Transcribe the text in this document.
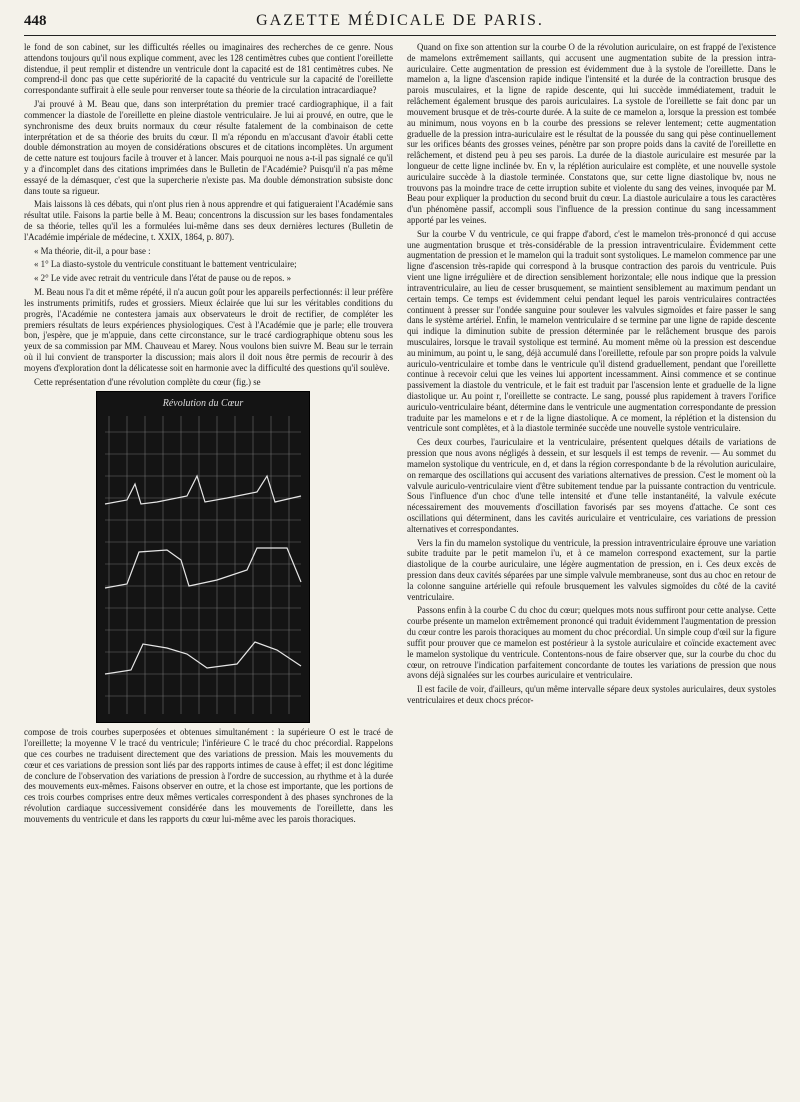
448	GAZETTE MÉDICALE DE PARIS.

le fond de son cabinet, sur les difficultés réelles ou imaginaires des recherches de ce genre. Nous attendons toujours qu'il nous explique comment, avec les 128 centimètres cubes que contient l'oreillette distendue, il peut remplir et distendre un ventricule dont la capacité est de 181 centimètres cubes. Ne comprend-il donc pas que cette supériorité de la capacité du ventricule sur la capacité de l'oreillette correspondante suffirait à elle seule pour renverser toute sa théorie de la circulation intracardiaque?

J'ai prouvé à M. Beau que, dans son interprétation du premier tracé cardiographique, il a fait commencer la diastole de l'oreillette en pleine diastole ventriculaire. Je lui ai prouvé, en outre, que le synchronisme des deux bruits normaux du cœur résulte fatalement de la combinaison de cette interprétation et de sa théorie des bruits du cœur. Il m'a répondu en m'accusant d'avoir établi cette double démonstration au moyen de considérations obscures et de citations incomplètes. Un argument de cette nature est toujours facile à trouver et à lancer. Mais pourquoi ne nous a-t-il pas signalé ce qu'il y a d'incomplet dans des citations imprimées dans le Bulletin de l'Académie? Puisqu'il n'a pas même essayé de la démasquer, c'est que la supercherie n'existe pas. Ma double démonstration subsiste donc dans toute sa rigueur.

Mais laissons là ces débats, qui n'ont plus rien à nous apprendre et qui fatigueraient l'Académie sans résultat utile. Faisons la partie belle à M. Beau; concentrons la discussion sur les bases fondamentales de sa théorie, telles qu'il les a formulées lui-même dans ses deux dernières lectures (Bulletin de l'Académie impériale de médecine, t. XXIX, 1864, p. 807).

« Ma théorie, dit-il, a pour base :

« 1° La diasto-systole du ventricule constituant le battement ventriculaire;

« 2° Le vide avec retrait du ventricule dans l'état de pause ou de repos. »

M. Beau nous l'a dit et même répété, il n'a aucun goût pour les appareils perfectionnés: il leur préfère les instruments primitifs, rudes et grossiers. Mieux éclairée que lui sur les véritables conditions du progrès, l'Académie ne contestera jamais aux observateurs le droit de rectifier, de compléter les premiers résultats de leurs expériences physiologiques. C'est à l'Académie que je parle; elle trouvera bon, j'espère, que je m'appuie, dans cette circonstance, sur le tracé cardiographique obtenu sous les yeux de sa commission par MM. Chauveau et Marey. Nous voulons bien suivre M. Beau sur le terrain où il lui convient de transporter la discussion; mais alors il doit nous être permis de recourir à des moyens d'exploration dont la délicatesse soit en harmonie avec la difficulté des questions qu'il soulève.

Cette représentation d'une révolution complète du cœur (fig.) se

Révolution du Cœur

compose de trois courbes superposées et obtenues simultanément : la supérieure O est le tracé de l'oreillette; la moyenne V le tracé du ventricule; l'inférieure C le tracé du choc précordial. Rappelons que ces courbes ne traduisent directement que des variations de pression. Mais les mouvements du cœur et ces variations de pression sont liés par des rapports intimes de cause à effet; il est donc légitime de conclure de l'observation des variations de pression à l'ordre de succession, au rhythme et à la durée des mouvements eux-mêmes. Faisons observer en outre, et la chose est importante, que les portions de ces trois courbes comprises entre deux mêmes verticales correspondent à des phases synchrones de la révolution cardiaque successivement considérée dans les mouvements de l'oreillette, dans les mouvements du ventricule et dans les rapports du cœur lui-même avec les parois thoraciques.

Quand on fixe son attention sur la courbe O de la révolution auriculaire, on est frappé de l'existence de mamelons extrêmement saillants, qui accusent une augmentation subite de la pression intra-auriculaire. Cette augmentation de pression est évidemment due à la systole de l'oreillette. Dans le mamelon a, la ligne d'ascension rapide indique l'intensité et la durée de la contraction brusque des parois musculaires, et la ligne de rapide descente, qui lui succède immédiatement, traduit le relâchement également brusque des parois auriculaires. La systole de l'oreillette se fait donc par un mouvement brusque et de très-courte durée. A la suite de ce mamelon a, lorsque la pression est tombée au minimum, nous voyons en b la courbe des pressions se relever lentement; cette augmentation graduelle de la pression intra-auriculaire est le résultat de la poussée du sang qui pèse continuellement sur les orifices béants des grosses veines, pénètre par son propre poids dans la cavité de l'oreillette en relâchement, et distend peu à peu ses parois. La durée de la diastole auriculaire est mesurée par la longueur de cette ligne inclinée bv. En v, la réplétion auriculaire est complète, et une nouvelle systole auriculaire succède à la diastole terminée. Constatons que, sur cette ligne diastolique bv, nous ne trouvons pas la moindre trace de cette irruption subite et violente du sang des veines, invoquée par M. Beau pour expliquer la production du second bruit du cœur. La diastole auriculaire a tous les caractères d'un phénomène passif, accompli sous l'influence de la pression continue du sang incessamment apporté par les veines.

Sur la courbe V du ventricule, ce qui frappe d'abord, c'est le mamelon très-prononcé d qui accuse une augmentation brusque et très-considérable de la pression intraventriculaire. Évidemment cette augmentation de pression et le mamelon qui la traduit sont systoliques. Le mamelon commence par une ligne d'ascension très-rapide qui correspond à la brusque contraction des parois du ventricule. Puis vient une ligne irrégulière et de direction sensiblement horizontale; elle nous indique que la pression intraventriculaire, au lieu de cesser brusquement, se maintient sensiblement au maximum pendant un certain temps. Ce temps est évidemment celui pendant lequel les parois ventriculaires contractées continuent à presser sur l'ondée sanguine pour soulever les valvules sigmoïdes et faire passer le sang dans le système artériel. Enfin, le mamelon ventriculaire d se termine par une ligne de rapide descente qui indique la diminution subite de pression déterminée par le relâchement brusque des parois musculaires, lorsque le travail systolique est terminé. Au moment même où la pression est descendue au minimum, au point u, le sang, déjà accumulé dans l'oreillette, refoule par son propre poids la valvule auriculo-ventriculaire et tombe dans le ventricule qu'il distend graduellement, pendant que l'oreillette continue à recevoir celui que les veines lui apportent incessamment. Ainsi commence et se continue passivement la diastole du ventricule, et le fait est traduit par l'ascension lente et graduelle de la ligne diastolique ur. Au point r, l'oreillette se contracte. Le sang, poussé plus rapidement à travers l'orifice auriculo-ventriculaire béant, détermine dans le ventricule une augmentation correspondante de pression traduite par les mamelons e et r de la ligne diastolique. A ce moment, la réplétion et la distension du ventricule sont complètes, et à la diastole terminée succède une nouvelle systole ventriculaire.

Ces deux courbes, l'auriculaire et la ventriculaire, présentent quelques détails de variations de pression que nous avons négligés à dessein, et sur lesquels il est temps de revenir. — Au sommet du mamelon systolique du ventricule, en d, et dans la région correspondante b de la révolution auriculaire, on remarque des oscillations qui accusent des variations alternatives de pression. C'est le moment où la valvule auriculo-ventriculaire vient d'être subitement tendue par la puissante contraction du ventricule. Sous l'influence d'un choc d'une telle intensité et d'une telle instantanéité, la valvule exécute nécessairement des mouvements d'oscillation favorisés par ses moyens d'attache. Ce sont ces oscillations qui déterminent, dans les cavités auriculaire et ventriculaire, ces variations de pression alternatives et correspondantes.

Vers la fin du mamelon systolique du ventricule, la pression intraventriculaire éprouve une variation subite traduite par le petit mamelon i'u, et à ce mamelon correspond exactement, sur la partie diastolique de la courbe auriculaire, une légère augmentation de pression, en i. Ces deux excès de pression dans deux cavités séparées par une simple valvule membraneuse, sont dus au choc en retour de la colonne sanguine artérielle qui refoule brusquement les valvules sigmoïdes du côté de la cavité ventriculaire.

Passons enfin à la courbe C du choc du cœur; quelques mots nous suffiront pour cette analyse. Cette courbe présente un mamelon extrêmement prononcé qui traduit évidemment l'augmentation de pression du cœur contre les parois thoraciques au moment du choc précordial. Un simple coup d'œil sur la figure suffit pour prouver que ce mamelon est postérieur à la systole auriculaire et coïncide exactement avec le mamelon systolique du ventricule. Contentons-nous de faire observer que, sur la courbe du choc du cœur, on retrouve l'indication parfaitement concordante de toutes les variations de pression que nous avons déjà signalées sur les courbes auriculaire et ventriculaire.

Il est facile de voir, d'ailleurs, qu'un même intervalle sépare deux systoles auriculaires, deux systoles ventriculaires et deux chocs précor-
